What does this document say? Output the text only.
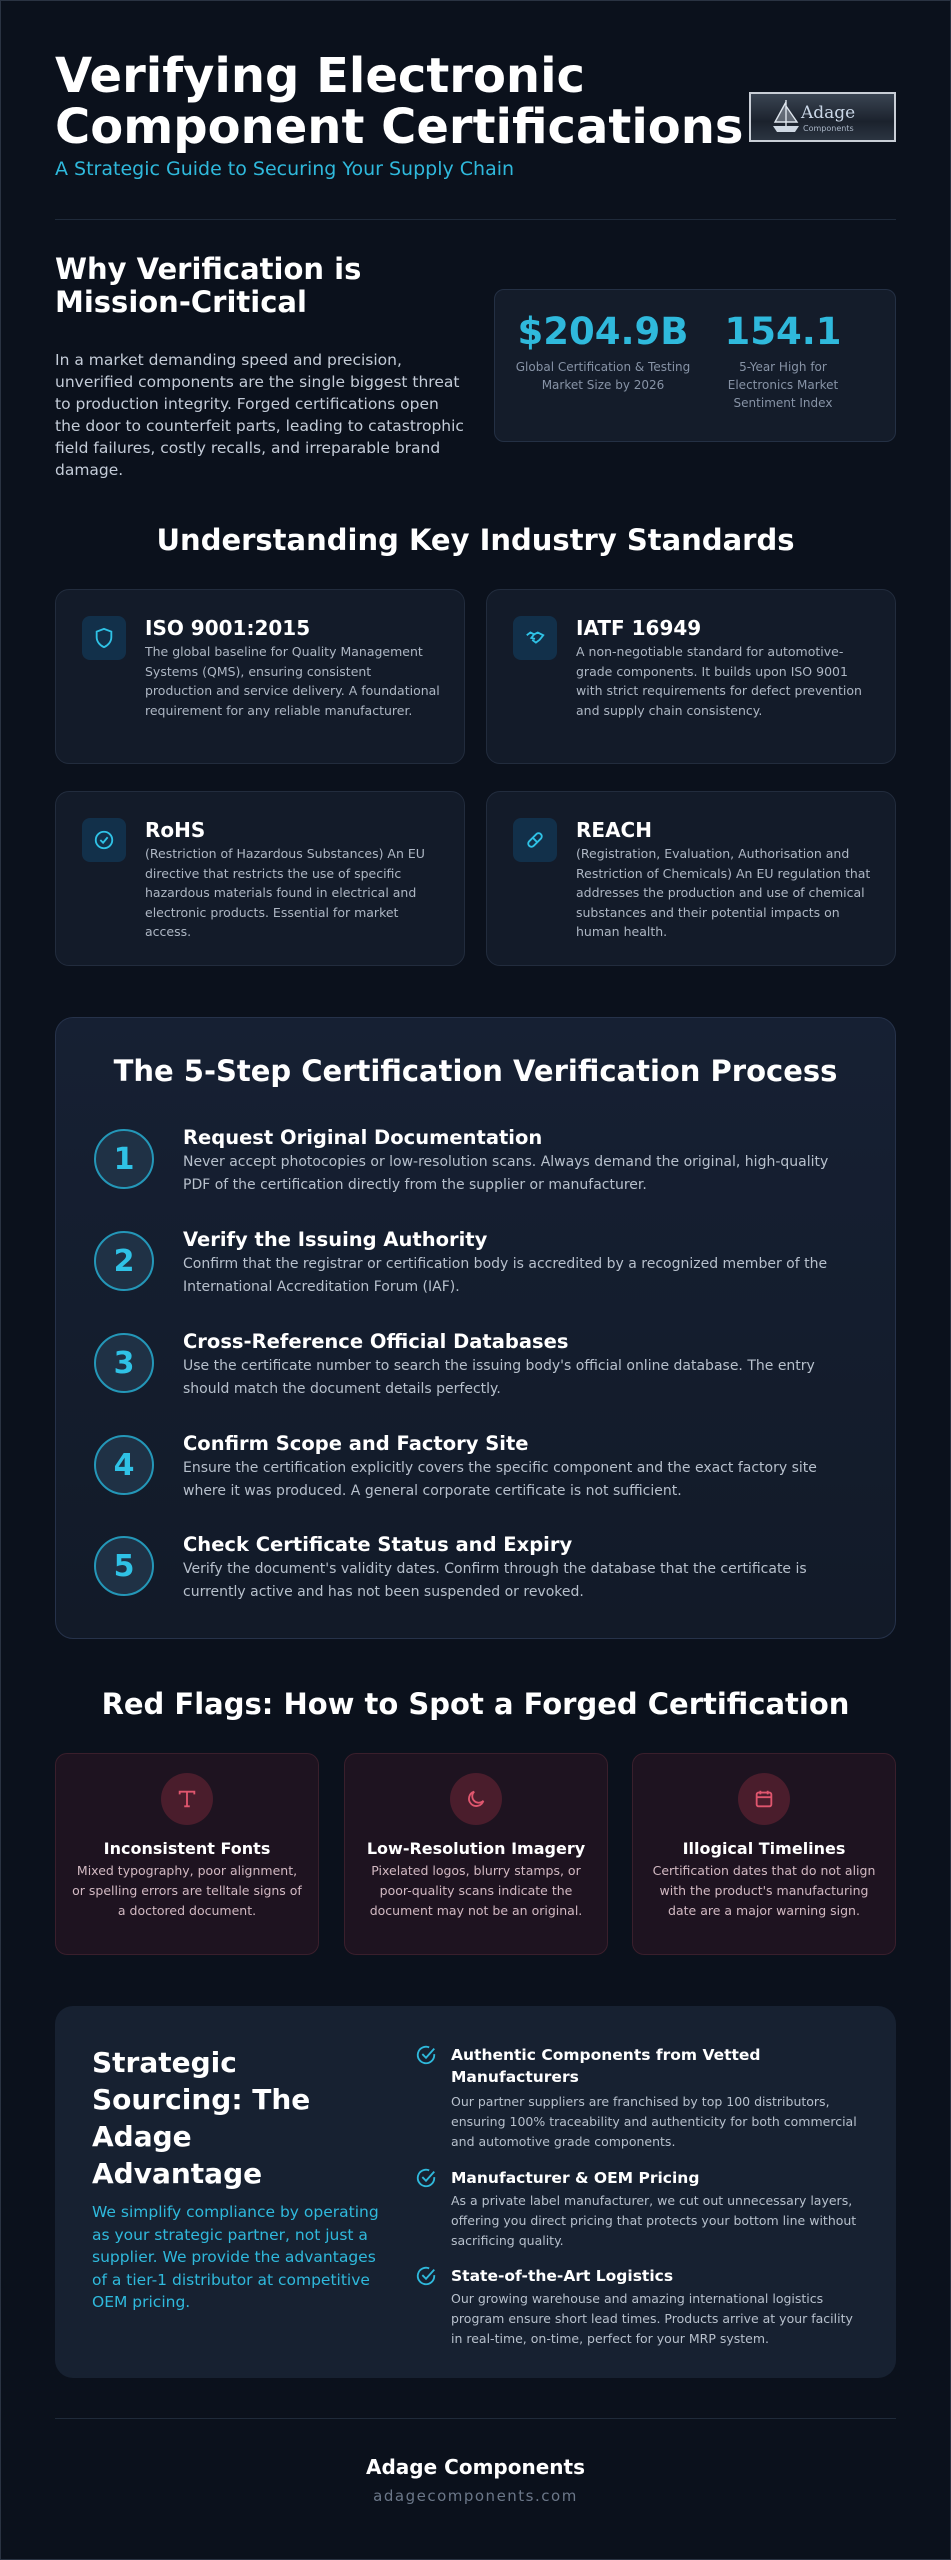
Verifying Electronic Component Certifications
A Strategic Guide to Securing Your Supply Chain
Adage
Components
Why Verification is Mission-Critical

In a market demanding speed and precision, unverified components are the single biggest threat to production integrity. Forged certifications open the door to counterfeit parts, leading to catastrophic field failures, costly recalls, and irreparable brand damage.

$204.9B
Global Certification & Testing Market Size by 2026
154.1
5-Year High for Electronics Market Sentiment Index
Understanding Key Industry Standards
ISO 9001:2015

The global baseline for Quality Management Systems (QMS), ensuring consistent production and service delivery. A foundational requirement for any reliable manufacturer.

IATF 16949

A non-negotiable standard for automotive-grade components. It builds upon ISO 9001 with strict requirements for defect prevention and supply chain consistency.

RoHS

(Restriction of Hazardous Substances) An EU directive that restricts the use of specific hazardous materials found in electrical and electronic products. Essential for market access.

REACH

(Registration, Evaluation, Authorisation and Restriction of Chemicals) An EU regulation that addresses the production and use of chemical substances and their potential impacts on human health.

The 5-Step Certification Verification Process
1
Request Original Documentation

Never accept photocopies or low-resolution scans. Always demand the original, high-quality PDF of the certification directly from the supplier or manufacturer.

2
Verify the Issuing Authority

Confirm that the registrar or certification body is accredited by a recognized member of the International Accreditation Forum (IAF).

3
Cross-Reference Official Databases

Use the certificate number to search the issuing body's official online database. The entry should match the document details perfectly.

4
Confirm Scope and Factory Site

Ensure the certification explicitly covers the specific component and the exact factory site where it was produced. A general corporate certificate is not sufficient.

5
Check Certificate Status and Expiry

Verify the document's validity dates. Confirm through the database that the certificate is currently active and has not been suspended or revoked.

Red Flags: How to Spot a Forged Certification
Inconsistent Fonts

Mixed typography, poor alignment, or spelling errors are telltale signs of a doctored document.

Low-Resolution Imagery

Pixelated logos, blurry stamps, or poor-quality scans indicate the document may not be an original.

Illogical Timelines

Certification dates that do not align with the product's manufacturing date are a major warning sign.

Strategic Sourcing: The Adage Advantage

We simplify compliance by operating as your strategic partner, not just a supplier. We provide the advantages of a tier-1 distributor at competitive OEM pricing.

Authentic Components from Vetted Manufacturers

Our partner suppliers are franchised by top 100 distributors, ensuring 100% traceability and authenticity for both commercial and automotive grade components.

Manufacturer & OEM Pricing

As a private label manufacturer, we cut out unnecessary layers, offering you direct pricing that protects your bottom line without sacrificing quality.

State-of-the-Art Logistics

Our growing warehouse and amazing international logistics program ensure short lead times. Products arrive at your facility in real-time, on-time, perfect for your MRP system.

Adage Components
adagecomponents.com
